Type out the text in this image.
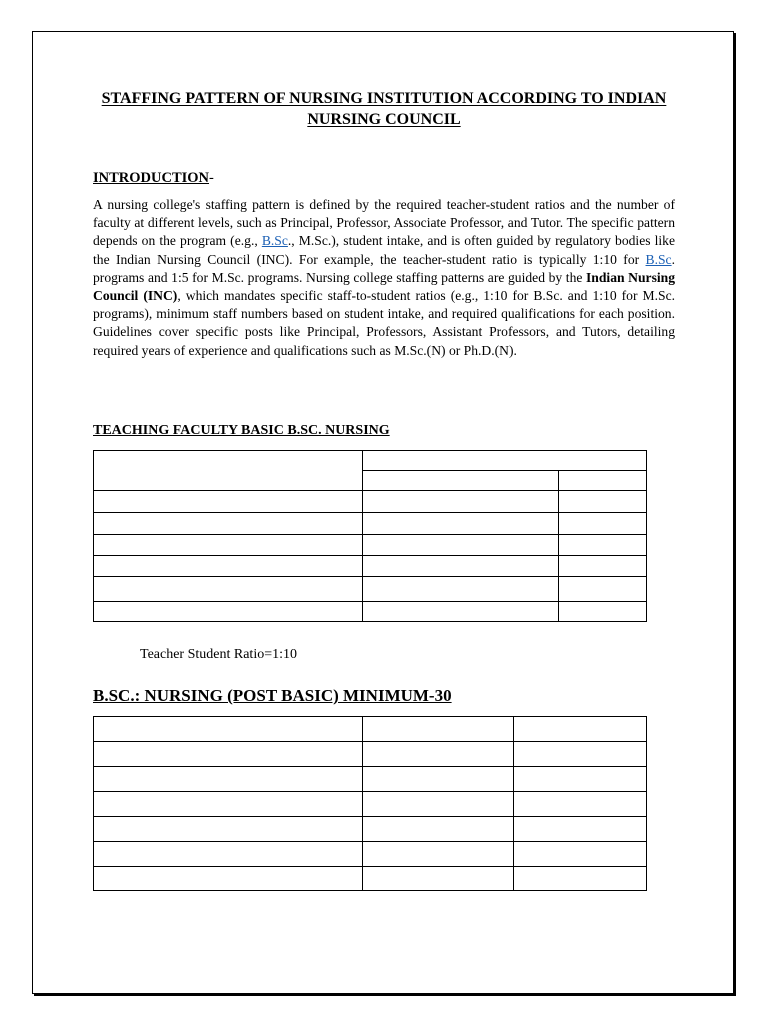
STAFFING PATTERN OF NURSING INSTITUTION ACCORDING TO INDIAN NURSING COUNCIL
INTRODUCTION-
A nursing college's staffing pattern is defined by the required teacher-student ratios and the number of faculty at different levels, such as Principal, Professor, Associate Professor, and Tutor. The specific pattern depends on the program (e.g., B.Sc., M.Sc.), student intake, and is often guided by regulatory bodies like the Indian Nursing Council (INC). For example, the teacher-student ratio is typically 1:10 for B.Sc. programs and 1:5 for M.Sc. programs. Nursing college staffing patterns are guided by the Indian Nursing Council (INC), which mandates specific staff-to-student ratios (e.g., 1:10 for B.Sc. and 1:10 for M.Sc. programs), minimum staff numbers based on student intake, and required qualifications for each position. Guidelines cover specific posts like Principal, Professors, Assistant Professors, and Tutors, detailing required years of experience and qualifications such as M.Sc.(N) or Ph.D.(N).
TEACHING FACULTY BASIC B.SC. NURSING

Teacher Student Ratio=1:10
B.SC.: NURSING (POST BASIC) MINIMUM-30
